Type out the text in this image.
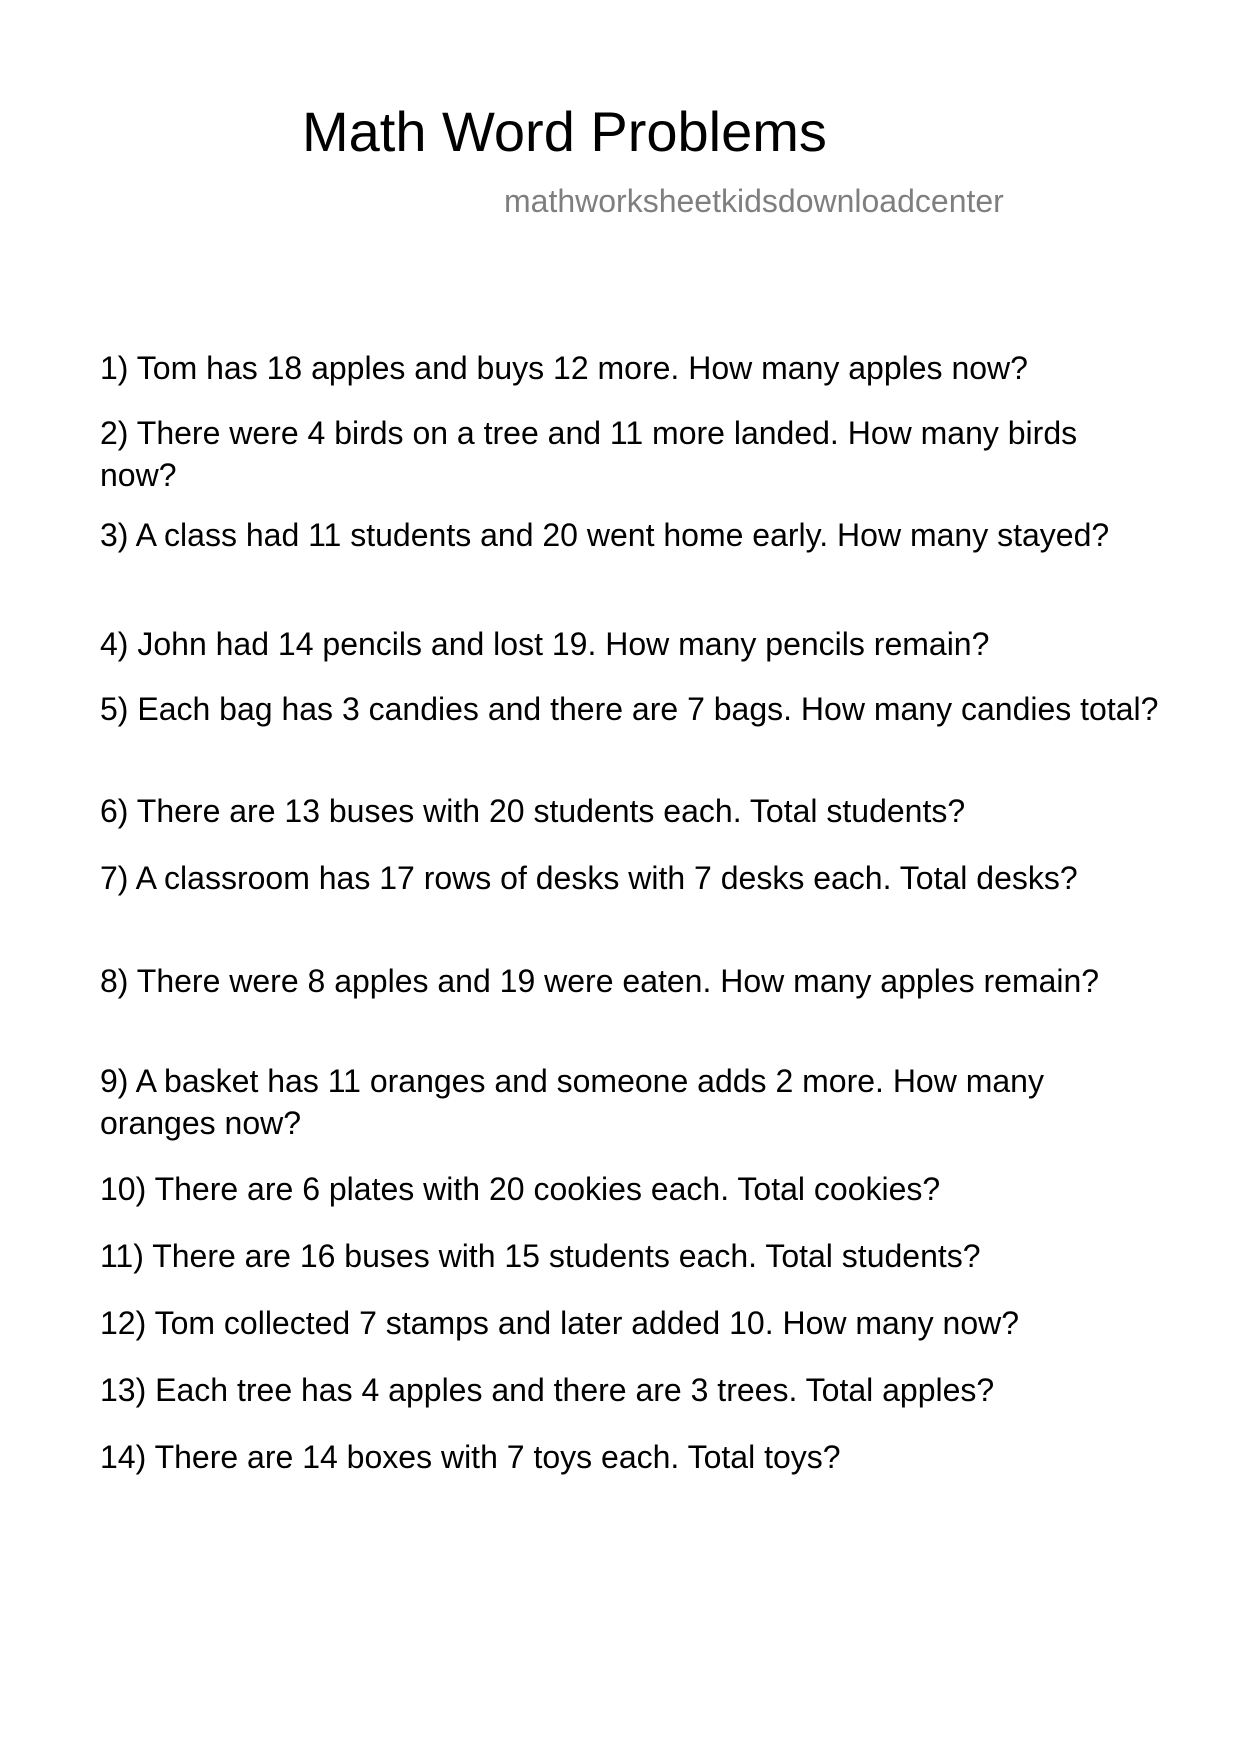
Math Word Problems
mathworksheetkidsdownloadcenter

1) Tom has 18 apples and buys 12 more. How many apples now?

2) There were 4 birds on a tree and 11 more landed. How many birds now?

3) A class had 11 students and 20 went home early. How many stayed?

4) John had 14 pencils and lost 19. How many pencils remain?

5) Each bag has 3 candies and there are 7 bags. How many candies total?

6) There are 13 buses with 20 students each. Total students?

7) A classroom has 17 rows of desks with 7 desks each. Total desks?

8) There were 8 apples and 19 were eaten. How many apples remain?

9) A basket has 11 oranges and someone adds 2 more. How many oranges now?

10) There are 6 plates with 20 cookies each. Total cookies?

11) There are 16 buses with 15 students each. Total students?

12) Tom collected 7 stamps and later added 10. How many now?

13) Each tree has 4 apples and there are 3 trees. Total apples?

14) There are 14 boxes with 7 toys each. Total toys?
